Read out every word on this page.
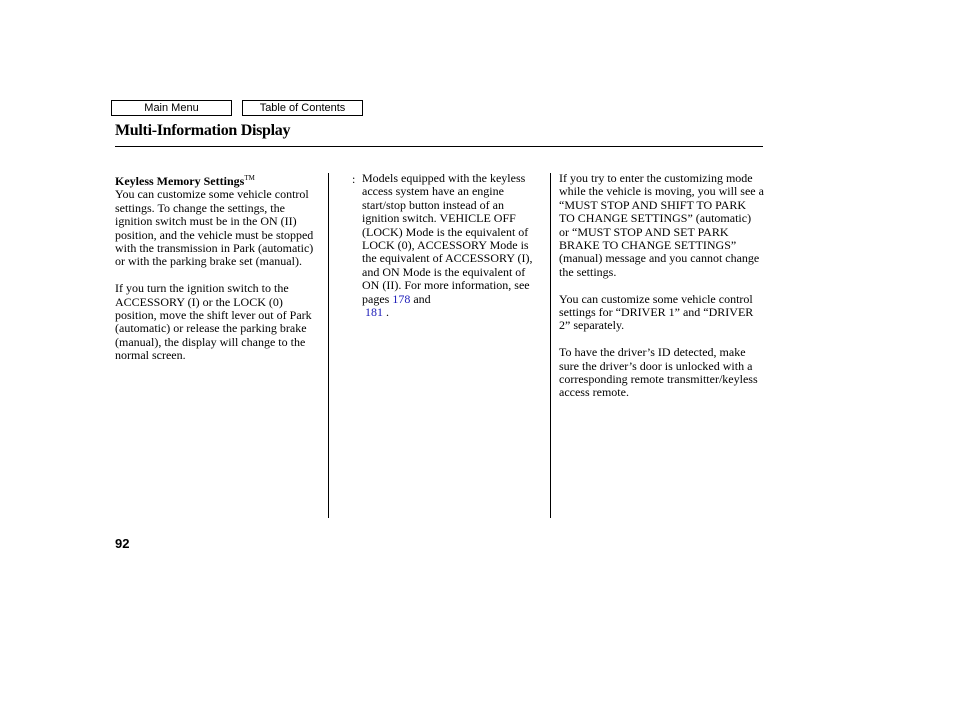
Main Menu	Table of Contents
Multi-Information Display
Keyless Memory Settings™

You can customize some vehicle control settings. To change the settings, the ignition switch must be in the ON (II) position, and the vehicle must be stopped with the transmission in Park (automatic) or with the parking brake set (manual).

If you turn the ignition switch to the ACCESSORY (I) or the LOCK (0) position, move the shift lever out of Park (automatic) or release the parking brake (manual), the display will change to the normal screen.

: Models equipped with the keyless access system have an engine start/stop button instead of an ignition switch. VEHICLE OFF (LOCK) Mode is the equivalent of LOCK (0), ACCESSORY Mode is the equivalent of ACCESSORY (I), and ON Mode is the equivalent of ON (II). For more information, see pages 178 and
181 .

If you try to enter the customizing mode while the vehicle is moving, you will see a “MUST STOP AND SHIFT TO PARK TO CHANGE SETTINGS” (automatic) or “MUST STOP AND SET PARK BRAKE TO CHANGE SETTINGS” (manual) message and you cannot change the settings.

You can customize some vehicle control settings for “DRIVER 1” and “DRIVER 2” separately.

To have the driver’s ID detected, make sure the driver’s door is unlocked with a corresponding remote transmitter/keyless access remote.

92
